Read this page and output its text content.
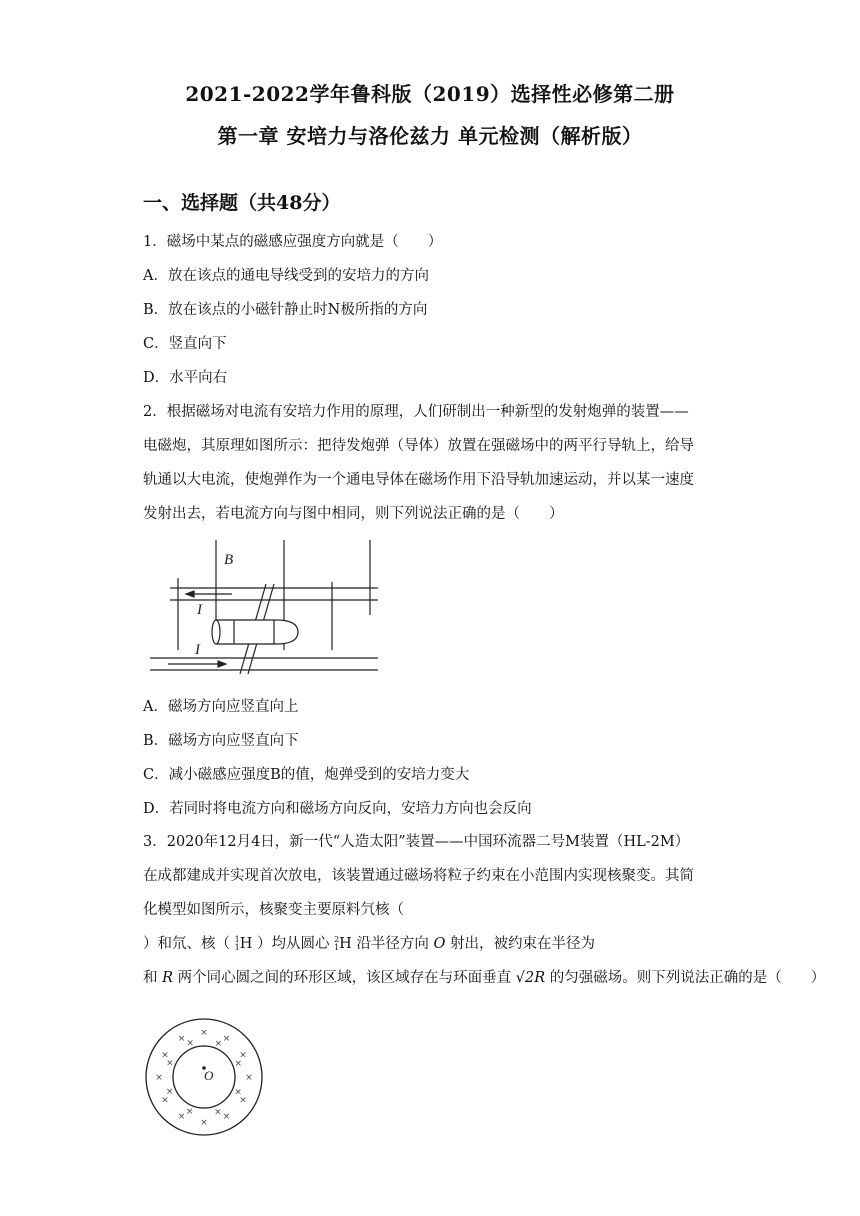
2021-2022学年鲁科版（2019）选择性必修第二册
第一章 安培力与洛伦兹力 单元检测（解析版）
一、选择题（共48分）
1．磁场中某点的磁感应强度方向就是（　　）
A．放在该点的通电导线受到的安培力的方向
B．放在该点的小磁针静止时N极所指的方向
C．竖直向下
D．水平向右
2．根据磁场对电流有安培力作用的原理，人们研制出一种新型的发射炮弹的装置——
电磁炮，其原理如图所示：把待发炮弹（导体）放置在强磁场中的两平行导轨上，给导
轨通以大电流，使炮弹作为一个通电导体在磁场作用下沿导轨加速运动，并以某一速度
发射出去，若电流方向与图中相同，则下列说法正确的是（　　）
B
I
I
A．磁场方向应竖直向上
B．磁场方向应竖直向下
C．减小磁感应强度B的值，炮弹受到的安培力变大
D．若同时将电流方向和磁场方向反向，安培力方向也会反向
3．2020年12月4日，新一代“人造太阳”装置——中国环流器二号M装置（HL-2M）
在成都建成并实现首次放电，该装置通过磁场将粒子约束在小范围内实现核聚变。其简
化模型如图所示，核聚变主要原料氕核（
）和氘、核（ 1
1H ）均从圆心 2
1H 沿半径方向 O 射出，被约束在半径为
和 R 两个同心圆之间的环形区域，该区域存在与环面垂直 √2R 的匀强磁场。则下列说法正确的是（　　）
O	×
×
×
×
×
×
×
×
×
×
×
×
×
×
×
×
×
× ×
×
